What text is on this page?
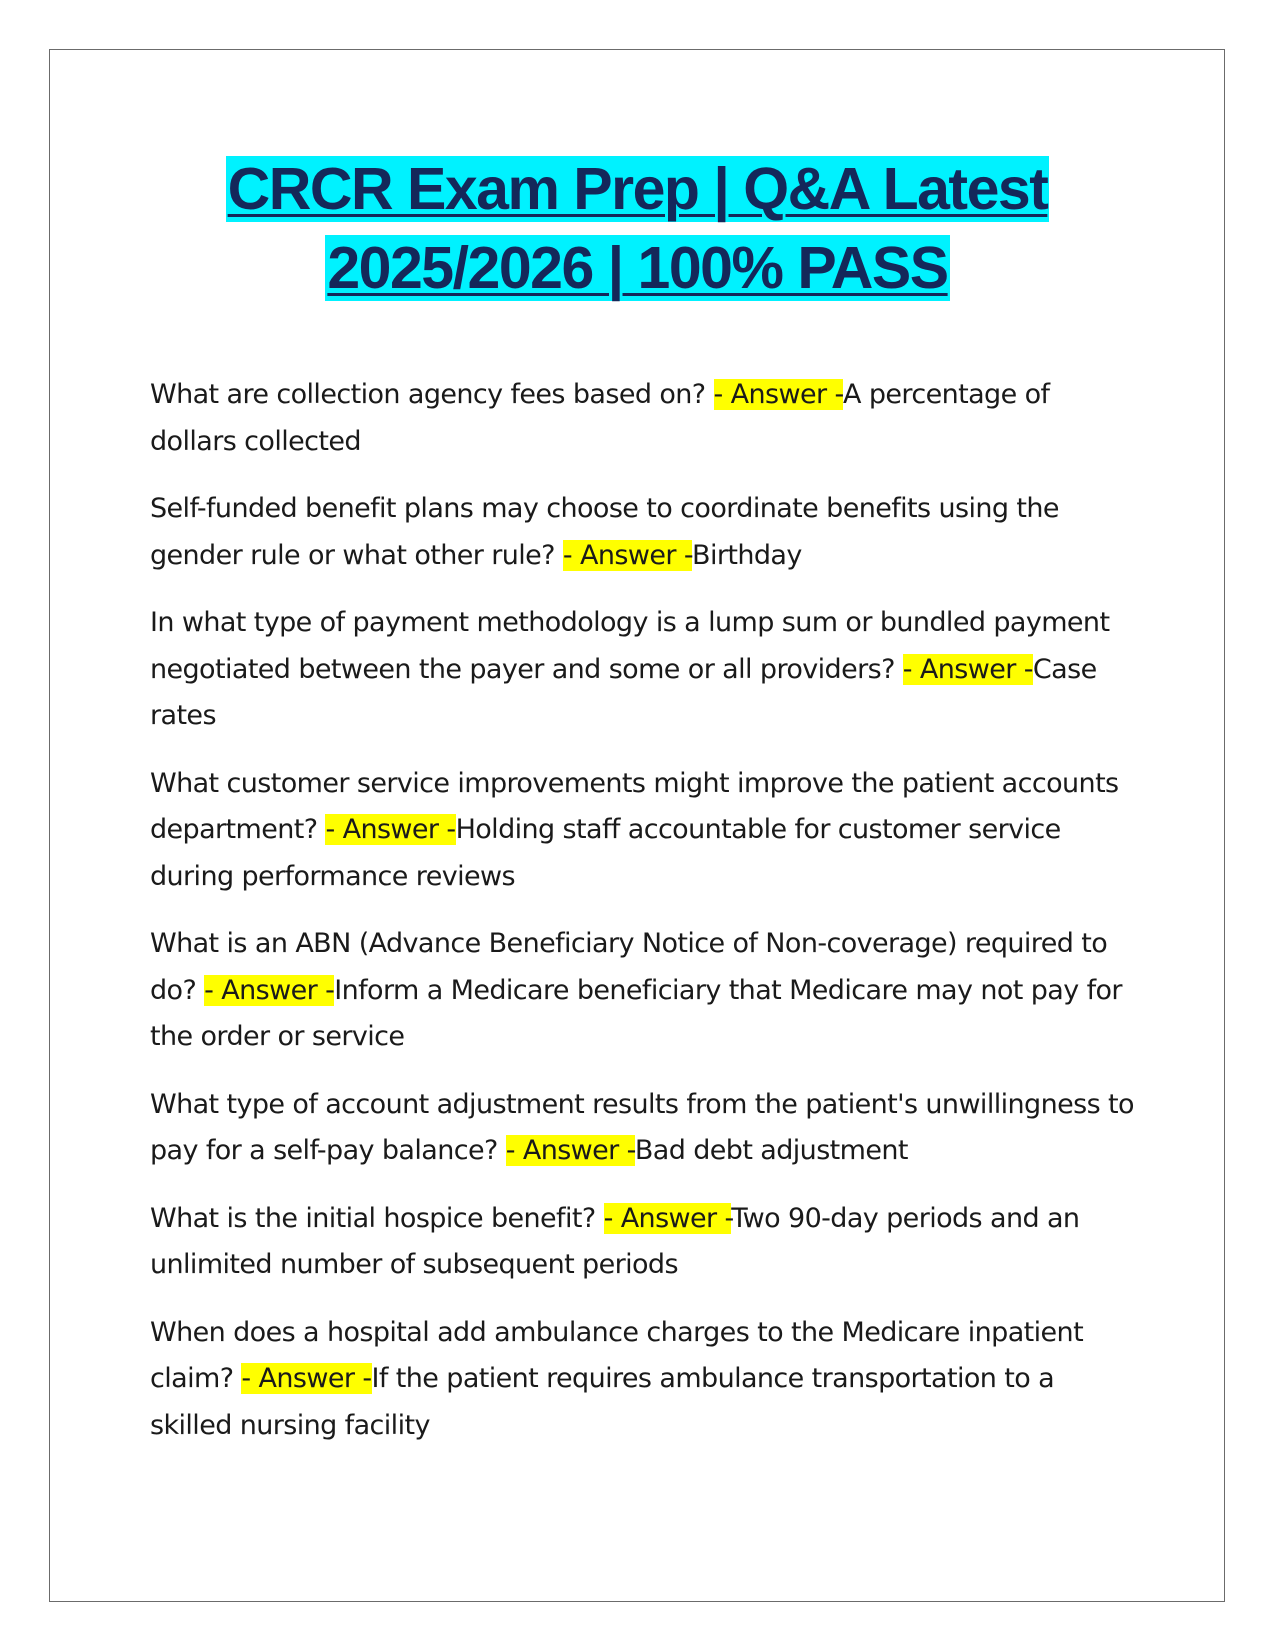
CRCR Exam Prep | Q&A Latest
2025/2026 | 100% PASS
What are collection agency fees based on? - Answer -A percentage of dollars collected
Self-funded benefit plans may choose to coordinate benefits using the gender rule or what other rule? - Answer -Birthday
In what type of payment methodology is a lump sum or bundled payment negotiated between the payer and some or all providers? - Answer -Case rates
What customer service improvements might improve the patient accounts department? - Answer -Holding staff accountable for customer service during performance reviews
What is an ABN (Advance Beneficiary Notice of Non-coverage) required to do? - Answer -Inform a Medicare beneficiary that Medicare may not pay for the order or service
What type of account adjustment results from the patient's unwillingness to pay for a self-pay balance? - Answer -Bad debt adjustment
What is the initial hospice benefit? - Answer -Two 90-day periods and an unlimited number of subsequent periods
When does a hospital add ambulance charges to the Medicare inpatient claim? - Answer -If the patient requires ambulance transportation to a skilled nursing facility
